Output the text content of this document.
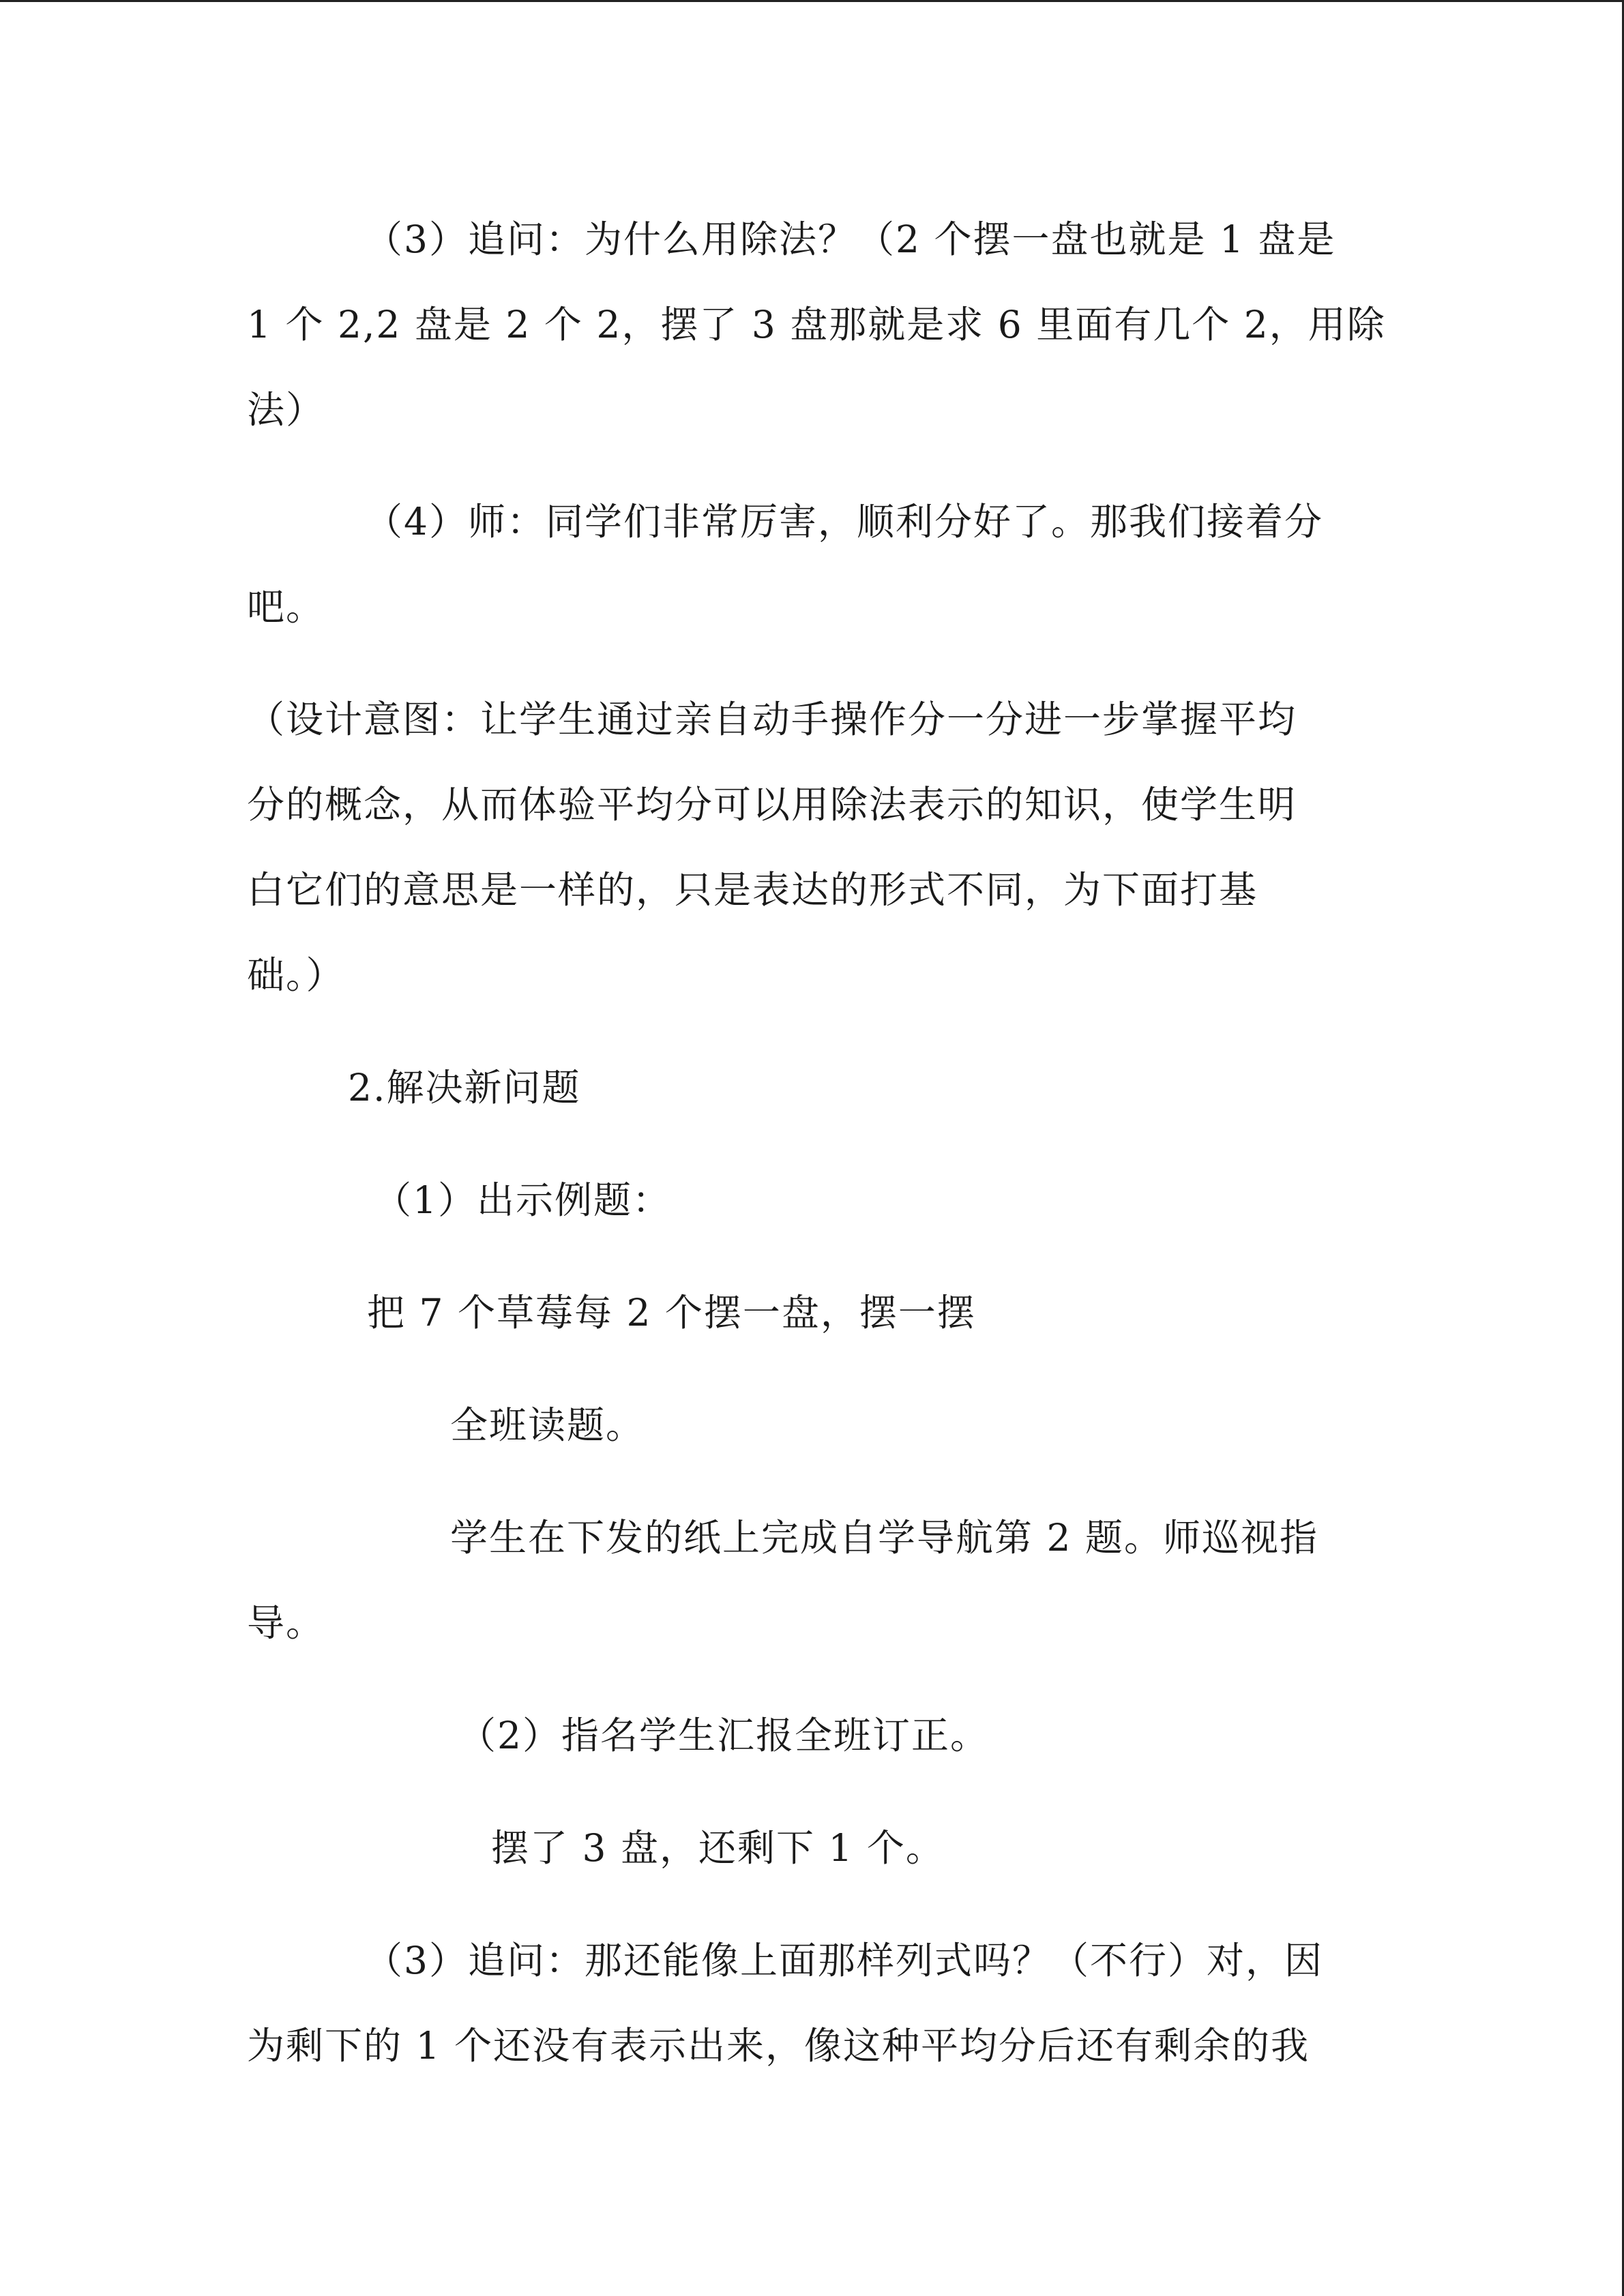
（3）追问：为什么用除法？（2 个摆一盘也就是 1 盘是
1 个 2,2 盘是 2 个 2，摆了 3 盘那就是求 6 里面有几个 2，用除
法）
（4）师：同学们非常厉害，顺利分好了。那我们接着分
吧。
（设计意图：让学生通过亲自动手操作分一分进一步掌握平均
分的概念，从而体验平均分可以用除法表示的知识，使学生明
白它们的意思是一样的，只是表达的形式不同，为下面打基
础。）
2.解决新问题
（1）出示例题：
把 7 个草莓每 2 个摆一盘，摆一摆
全班读题。
学生在下发的纸上完成自学导航第 2 题。师巡视指
导。
（2）指名学生汇报全班订正。
摆了 3 盘，还剩下 1 个。
（3）追问：那还能像上面那样列式吗？（不行）对，因
为剩下的 1 个还没有表示出来，像这种平均分后还有剩余的我
